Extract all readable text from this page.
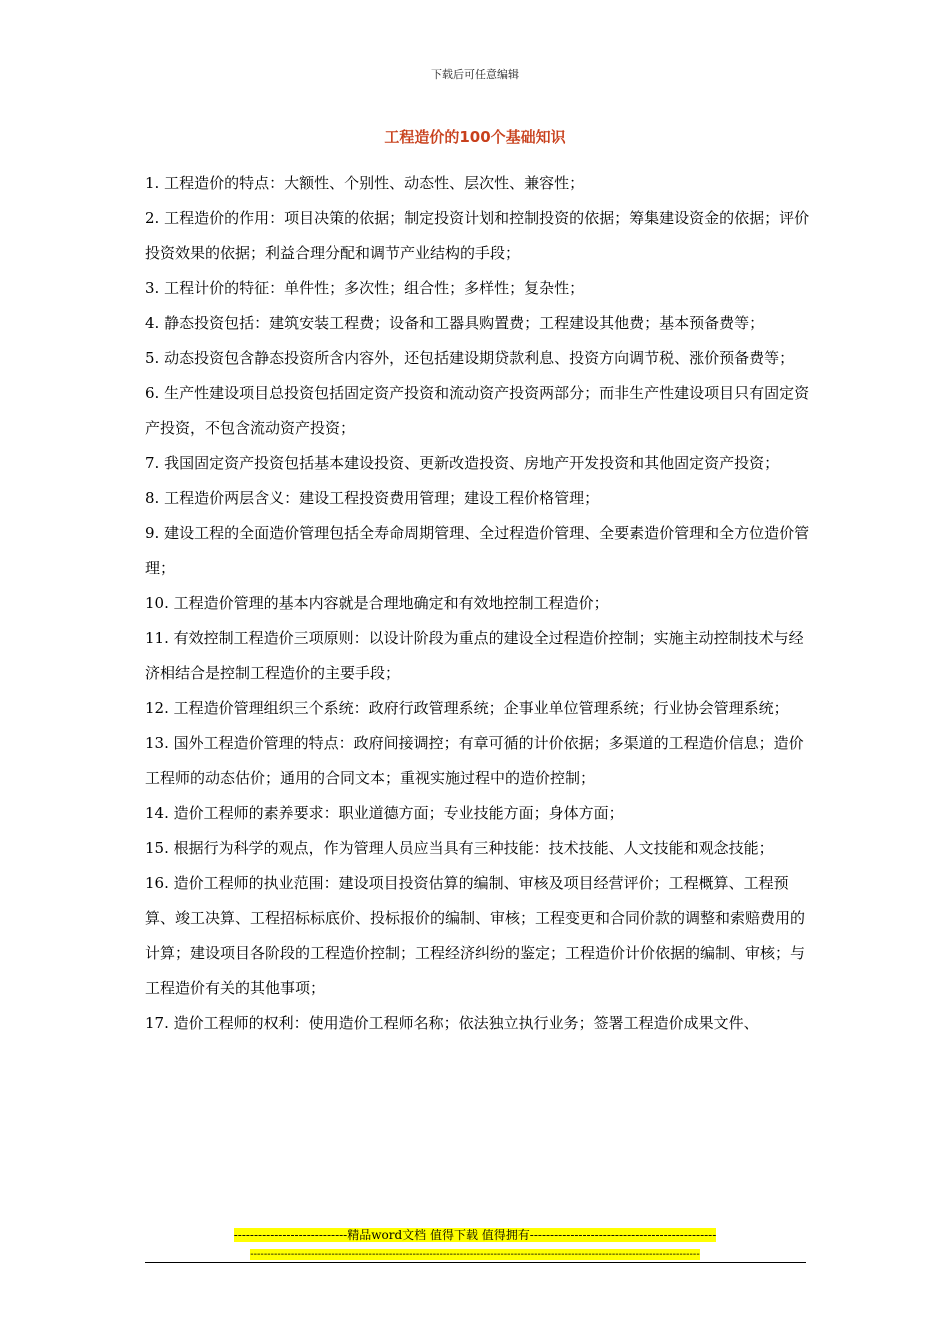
下载后可任意编辑
工程造价的100个基础知识

1. 工程造价的特点：大额性、个别性、动态性、层次性、兼容性；

2. 工程造价的作用：项目决策的依据；制定投资计划和控制投资的依据；筹集建设资金的依据；评价投资效果的依据；利益合理分配和调节产业结构的手段；

3. 工程计价的特征：单件性；多次性；组合性；多样性；复杂性；

4. 静态投资包括：建筑安装工程费；设备和工器具购置费；工程建设其他费；基本预备费等；

5. 动态投资包含静态投资所含内容外，还包括建设期贷款利息、投资方向调节税、涨价预备费等；

6. 生产性建设项目总投资包括固定资产投资和流动资产投资两部分；而非生产性建设项目只有固定资产投资，不包含流动资产投资；

7. 我国固定资产投资包括基本建设投资、更新改造投资、房地产开发投资和其他固定资产投资；

8. 工程造价两层含义：建设工程投资费用管理；建设工程价格管理；

9. 建设工程的全面造价管理包括全寿命周期管理、全过程造价管理、全要素造价管理和全方位造价管理；

10. 工程造价管理的基本内容就是合理地确定和有效地控制工程造价；

11. 有效控制工程造价三项原则：以设计阶段为重点的建设全过程造价控制；实施主动控制技术与经济相结合是控制工程造价的主要手段；

12. 工程造价管理组织三个系统：政府行政管理系统；企事业单位管理系统；行业协会管理系统；

13. 国外工程造价管理的特点：政府间接调控；有章可循的计价依据；多渠道的工程造价信息；造价工程师的动态估价；通用的合同文本；重视实施过程中的造价控制；

14. 造价工程师的素养要求：职业道德方面；专业技能方面；身体方面；

15. 根据行为科学的观点，作为管理人员应当具有三种技能：技术技能、人文技能和观念技能；

16. 造价工程师的执业范围：建设项目投资估算的编制、审核及项目经营评价；工程概算、工程预算、竣工决算、工程招标标底价、投标报价的编制、审核；工程变更和合同价款的调整和索赔费用的计算；建设项目各阶段的工程造价控制；工程经济纠纷的鉴定；工程造价计价依据的编制、审核；与工程造价有关的其他事项；

17. 造价工程师的权利：使用造价工程师名称；依法独立执行业务；签署工程造价成果文件、

----------------------------精品word文档 值得下载 值得拥有----------------------------------------------
-------------------------------------------------------------------------------------------------------------------------------------
